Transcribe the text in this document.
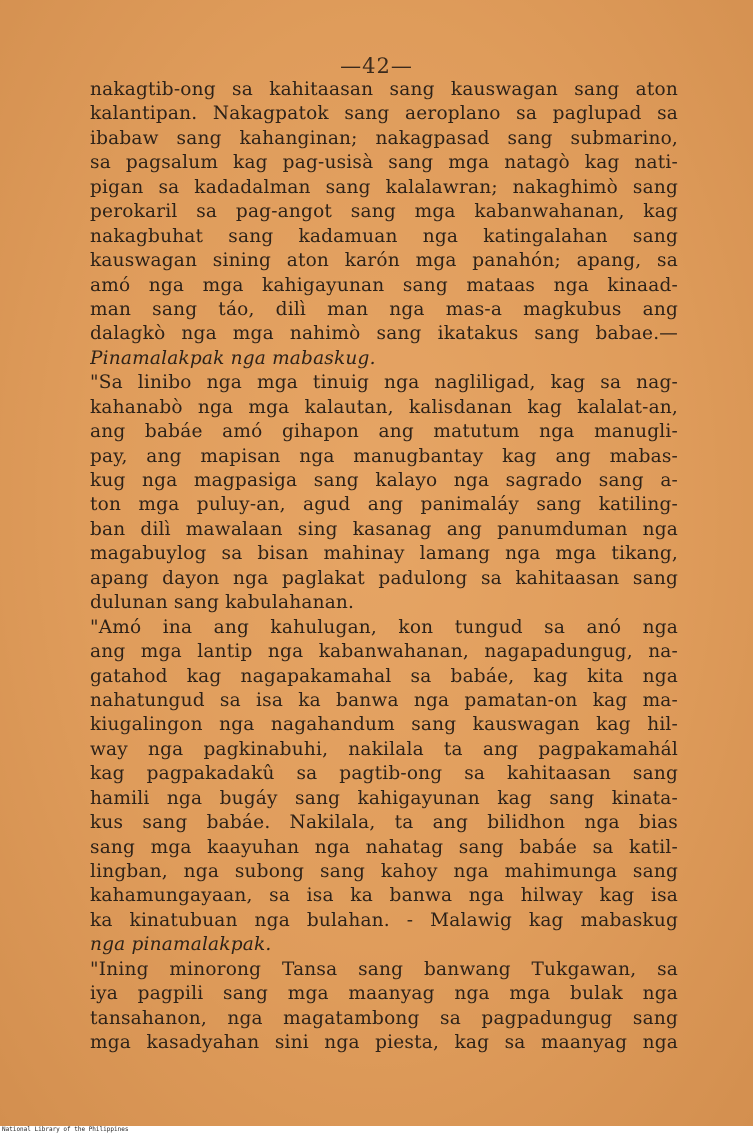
—42—
nakagtib-ong sa kahitaasan sang kauswagan sang aton
kalantipan. Nakagpatok sang aeroplano sa paglupad sa
ibabaw sang kahanginan; nakagpasad sang submarino,
sa pagsalum kag pag-usisà sang mga natagò kag nati-
pigan sa kadadalman sang kalalawran; nakaghimò sang
perokaril sa pag-angot sang mga kabanwahanan, kag
nakagbuhat sang kadamuan nga katingalahan sang
kauswagan sining aton karón mga panahón; apang, sa
amó nga mga kahigayunan sang mataas nga kinaad-
man sang táo, dilì man nga mas-a magkubus ang
dalagkò nga mga nahimò sang ikatakus sang babae.—
Pinamalakpak nga mabaskug.
"Sa linibo nga mga tinuig nga nagliligad, kag sa nag-
kahanabò nga mga kalautan, kalisdanan kag kalalat-an,
ang babáe amó gihapon ang matutum nga manugli-
pay, ang mapisan nga manugbantay kag ang mabas-
kug nga magpasiga sang kalayo nga sagrado sang a-
ton mga puluy-an, agud ang panimaláy sang katiling-
ban dilì mawalaan sing kasanag ang panumduman nga
magabuylog sa bisan mahinay lamang nga mga tikang,
apang dayon nga paglakat padulong sa kahitaasan sang
dulunan sang kabulahanan.
"Amó ina ang kahulugan, kon tungud sa anó nga
ang mga lantip nga kabanwahanan, nagapadungug, na-
gatahod kag nagapakamahal sa babáe, kag kita nga
nahatungud sa isa ka banwa nga pamatan-on kag ma-
kiugalingon nga nagahandum sang kauswagan kag hil-
way nga pagkinabuhi, nakilala ta ang pagpakamahál
kag pagpakadakû sa pagtib-ong sa kahitaasan sang
hamili nga bugáy sang kahigayunan kag sang kinata-
kus sang babáe. Nakilala, ta ang bilidhon nga bias
sang mga kaayuhan nga nahatag sang babáe sa katil-
lingban, nga subong sang kahoy nga mahimunga sang
kahamungayaan, sa isa ka banwa nga hilway kag isa
ka kinatubuan nga bulahan. - Malawig kag mabaskug
nga pinamalakpak.
"Ining minorong Tansa sang banwang Tukgawan, sa
iya pagpili sang mga maanyag nga mga bulak nga
tansahanon, nga magatambong sa pagpadungug sang
mga kasadyahan sini nga piesta, kag sa maanyag nga
National Library of the Philippines
